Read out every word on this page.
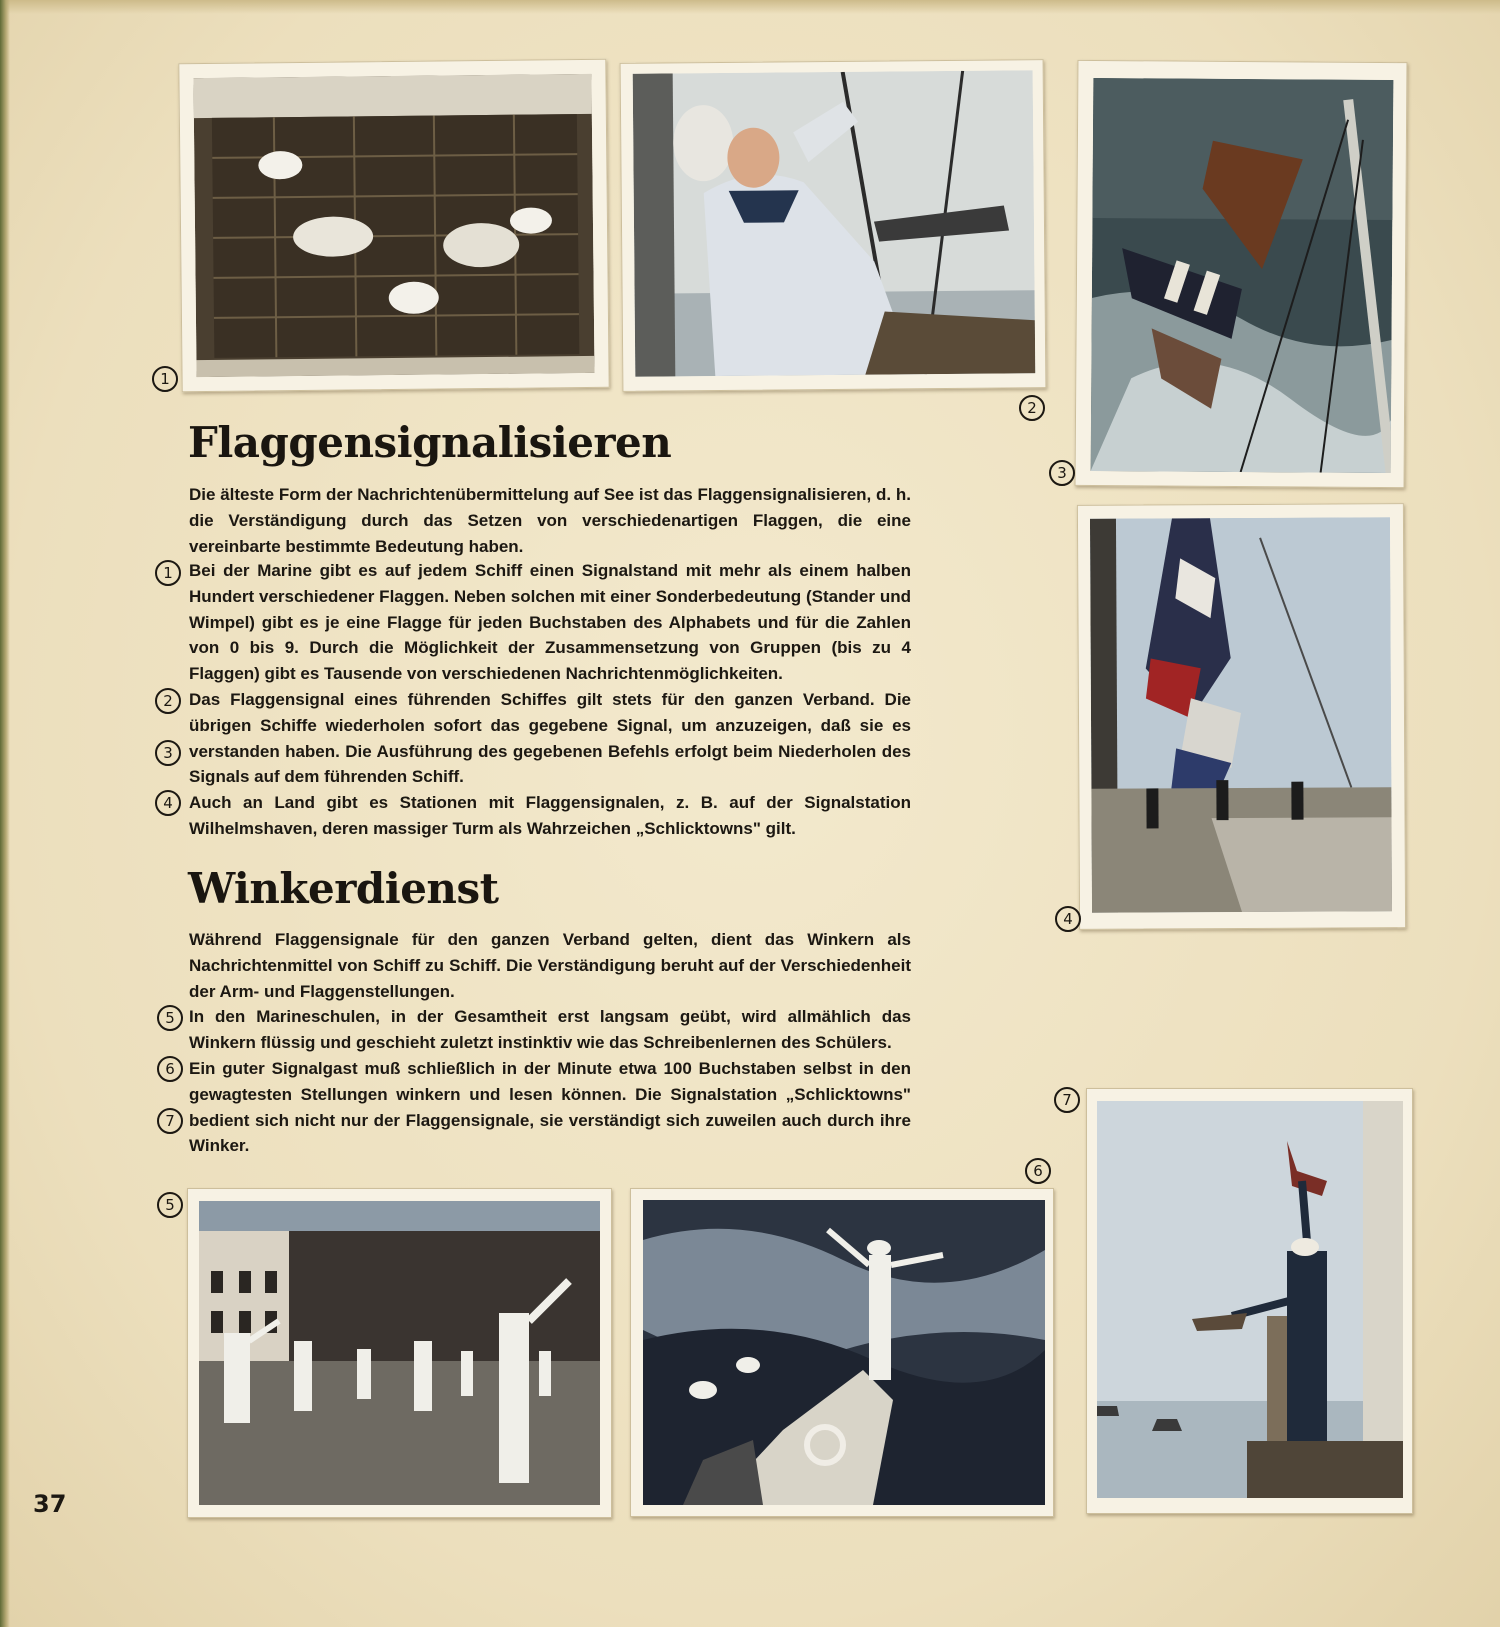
1
2
3
4
7
6
5
Flaggensignalisieren

Die älteste Form der Nachrichtenübermittelung auf See ist das Flaggensignalisieren, d. h. die Verständigung durch das Setzen von verschiedenartigen Flaggen, die eine vereinbarte bestimmte Bedeutung haben.

1 Bei der Marine gibt es auf jedem Schiff einen Signalstand mit mehr als einem halben Hundert verschiedener Flaggen. Neben solchen mit einer Sonderbedeutung (Stander und Wimpel) gibt es je eine Flagge für jeden Buchstaben des Alphabets und für die Zahlen von 0 bis 9. Durch die Möglichkeit der Zusammensetzung von Gruppen (bis zu 4 Flaggen) gibt es Tausende von verschiedenen Nachrichtenmöglichkeiten.

2
3

Das Flaggensignal eines führenden Schiffes gilt stets für den ganzen Verband. Die übrigen Schiffe wiederholen sofort das gegebene Signal, um anzuzeigen, daß sie es verstanden haben. Die Ausführung des gegebenen Befehls erfolgt beim Niederholen des Signals auf dem führenden Schiff.

4 Auch an Land gibt es Stationen mit Flaggensignalen, z. B. auf der Signalstation Wilhelmshaven, deren massiger Turm als Wahrzeichen „Schlicktowns" gilt.

Winkerdienst

Während Flaggensignale für den ganzen Verband gelten, dient das Winkern als Nachrichtenmittel von Schiff zu Schiff. Die Verständigung beruht auf der Verschiedenheit der Arm- und Flaggenstellungen.

5 In den Marineschulen, in der Gesamtheit erst langsam geübt, wird allmählich das Winkern flüssig und geschieht zuletzt instinktiv wie das Schreibenlernen des Schülers.

6
7

Ein guter Signalgast muß schließlich in der Minute etwa 100 Buchstaben selbst in den gewagtesten Stellungen winkern und lesen können. Die Signalstation „Schlicktowns" bedient sich nicht nur der Flaggensignale, sie verständigt sich zuweilen auch durch ihre Winker.

37
